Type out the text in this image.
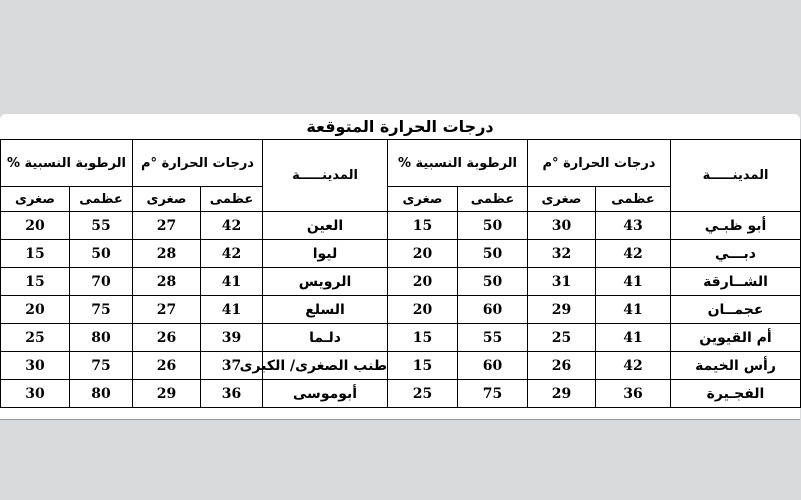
درجات الحرارة المتوقعة
المدينـــــة	درجات الحرارة °م		الرطوبة النسبية %		المدينـــــة	درجات الحرارة °م		الرطوبة النسبية %	
	عظمى	صغرى	عظمى	صغرى		عظمى	صغرى	عظمى	صغرى
أبو ظبـي	43	30	50	15	العين	42	27	55	20
دبـــي	42	32	50	20	ليوا	42	28	50	15
الشــارقة	41	31	50	20	الرويس	41	28	70	15
عجمــان	41	29	60	20	السلع	41	27	75	20
أم القيوين	41	25	55	15	دلـما	39	26	80	25
رأس الخيمة	42	26	60	15	طنب الصغرى/ الكبرى	37	26	75	30
الفجـيرة	36	29	75	25	أبوموسى	36	29	80	30
